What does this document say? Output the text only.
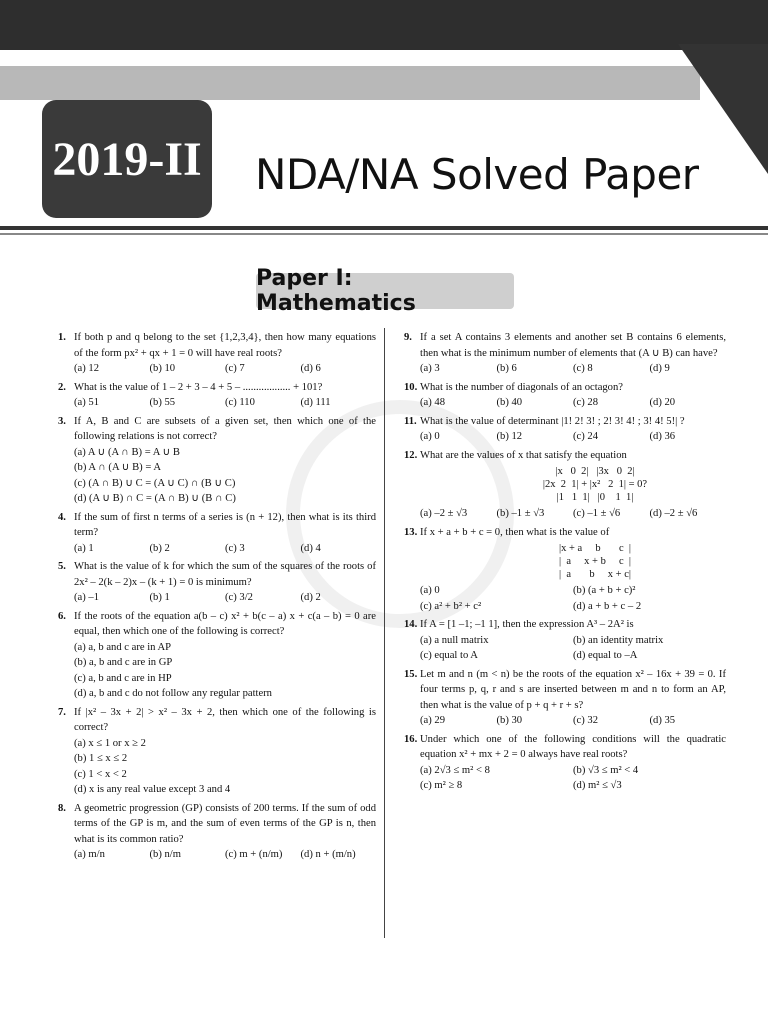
2019-II NDA/NA Solved Paper
Paper I: Mathematics
1. If both p and q belong to the set {1,2,3,4}, then how many equations of the form px² + qx + 1 = 0 will have real roots?
(a) 12	(b) 10	(c) 7	(d) 6
2. What is the value of 1 – 2 + 3 – 4 + 5 – .................. + 101?
(a) 51	(b) 55	(c) 110	(d) 111
3. If A, B and C are subsets of a given set, then which one of the following relations is not correct?
(a) A ∪ (A ∩ B) = A ∪ B
(b) A ∩ (A ∪ B) = A
(c) (A ∩ B) ∪ C = (A ∪ C) ∩ (B ∪ C)
(d) (A ∪ B) ∩ C = (A ∩ B) ∪ (B ∩ C)
4. If the sum of first n terms of a series is (n + 12), then what is its third term?
(a) 1	(b) 2	(c) 3	(d) 4
5. What is the value of k for which the sum of the squares of the roots of 2x² – 2(k – 2)x – (k + 1) = 0 is minimum?
(a) –1	(b) 1	(c) 3/2	(d) 2
6. If the roots of the equation a(b – c) x² + b(c – a) x + c(a – b) = 0 are equal, then which one of the following is correct?
(a) a, b and c are in AP
(b) a, b and c are in GP
(c) a, b and c are in HP
(d) a, b and c do not follow any regular pattern
7. If |x² – 3x + 2| > x² – 3x + 2, then which one of the following is correct?
(a) x ≤ 1 or x ≥ 2
(b) 1 ≤ x ≤ 2
(c) 1 < x < 2
(d) x is any real value except 3 and 4
8. A geometric progression (GP) consists of 200 terms. If the sum of odd terms of the GP is m, and the sum of even terms of the GP is n, then what is its common ratio?
(a) m/n	(b) n/m	(c) m + (n/m)	(d) n + (m/n)
9. If a set A contains 3 elements and another set B contains 6 elements, then what is the minimum number of elements that (A ∪ B) can have?
(a) 3	(b) 6	(c) 8	(d) 9
10. What is the number of diagonals of an octagon?
(a) 48	(b) 40	(c) 28	(d) 20
11. What is the value of determinant |1! 2! 3! ; 2! 3! 4! ; 3! 4! 5!| ?
(a) 0	(b) 12	(c) 24	(d) 36
12. What are the values of x that satisfy the equation
|x   0  2|   |3x   0  2|
|2x  2  1| + |x²   2  1| = 0?
|1   1  1|   |0    1  1|
(a) –2 ± √3	(b) –1 ± √3	(c) –1 ± √6	(d) –2 ± √6
13. If x + a + b + c = 0, then what is the value of
|x + a     b       c  |
|  a     x + b     c  |
|  a       b     x + c|
(a) 0	(b) (a + b + c)²
(c) a² + b² + c²	(d) a + b + c – 2
14. If A = [1 –1; –1 1], then the expression A³ – 2A² is
(a) a null matrix	(b) an identity matrix
(c) equal to A	(d) equal to –A
15. Let m and n (m < n) be the roots of the equation x² – 16x + 39 = 0. If four terms p, q, r and s are inserted between m and n to form an AP, then what is the value of p + q + r + s?
(a) 29	(b) 30	(c) 32	(d) 35
16. Under which one of the following conditions will the quadratic equation x² + mx + 2 = 0 always have real roots?
(a) 2√3 ≤ m² < 8	(b) √3 ≤ m² < 4
(c) m² ≥ 8	(d) m² ≤ √3
